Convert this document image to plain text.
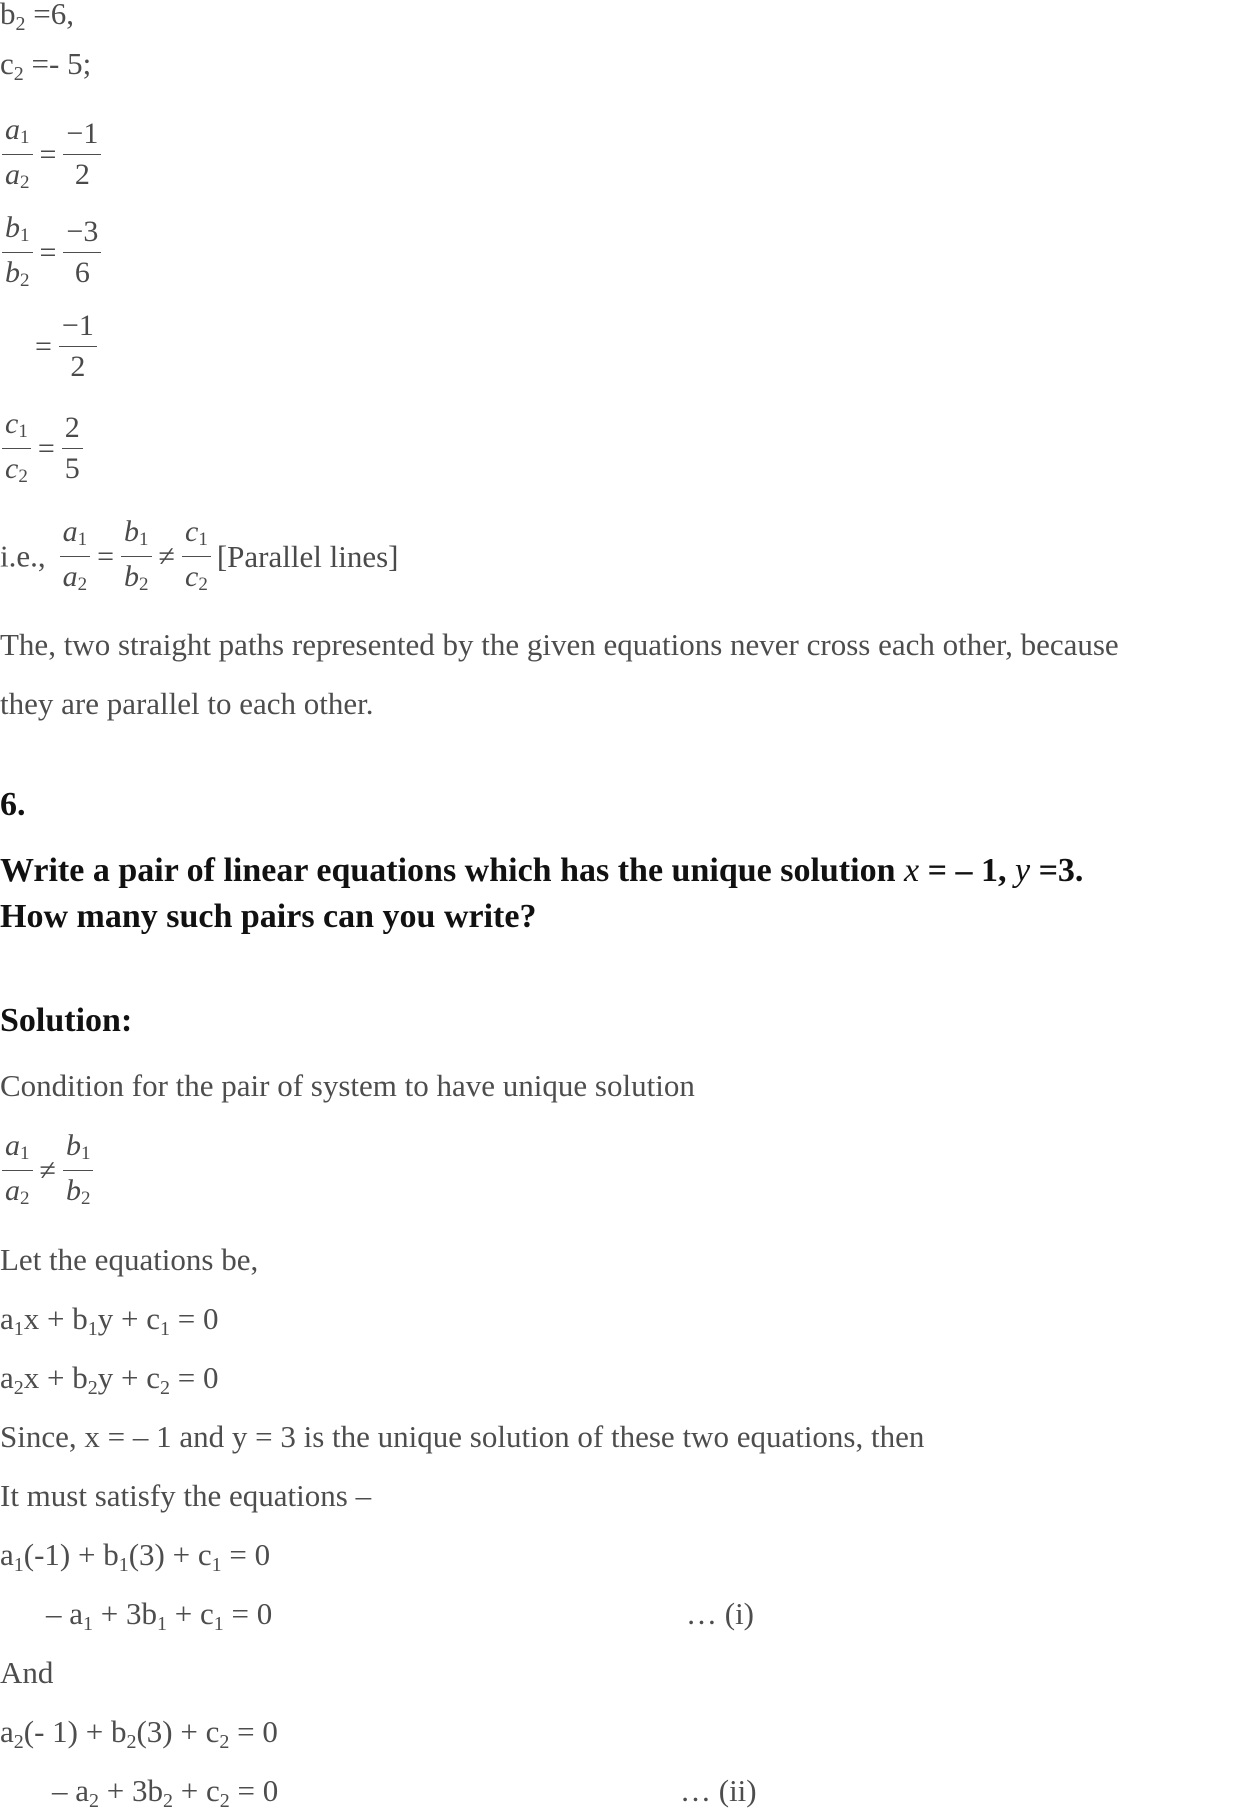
b2 =6,
c2 =- 5;
$\frac{a_1}{a_2} = \frac{-1}{2}$
$\frac{b_1}{b_2} = \frac{-3}{6}$
= $\frac{-1}{2}$
$\frac{c_1}{c_2} = \frac{2}{5}$
i.e., $\frac{a_1}{a_2} = \frac{b_1}{b_2} \ne \frac{c_1}{c_2}$ [Parallel lines]
The, two straight paths represented by the given equations never cross each other, because
they are parallel to each other.
6.
Write a pair of linear equations which has the unique solution x = – 1, y =3.
How many such pairs can you write?
Solution:
Condition for the pair of system to have unique solution
$\frac{a_1}{a_2} \ne \frac{b_1}{b_2}$
Let the equations be,
a1x + b1y + c1 = 0
a2x + b2y + c2 = 0
Since, x = – 1 and y = 3 is the unique solution of these two equations, then
It must satisfy the equations –
a1(-1) + b1(3) + c1 = 0
– a1 + 3b1 + c1 = 0	… (i)
And
a2(- 1) + b2(3) + c2 = 0
– a2 + 3b2 + c2 = 0	… (ii)
